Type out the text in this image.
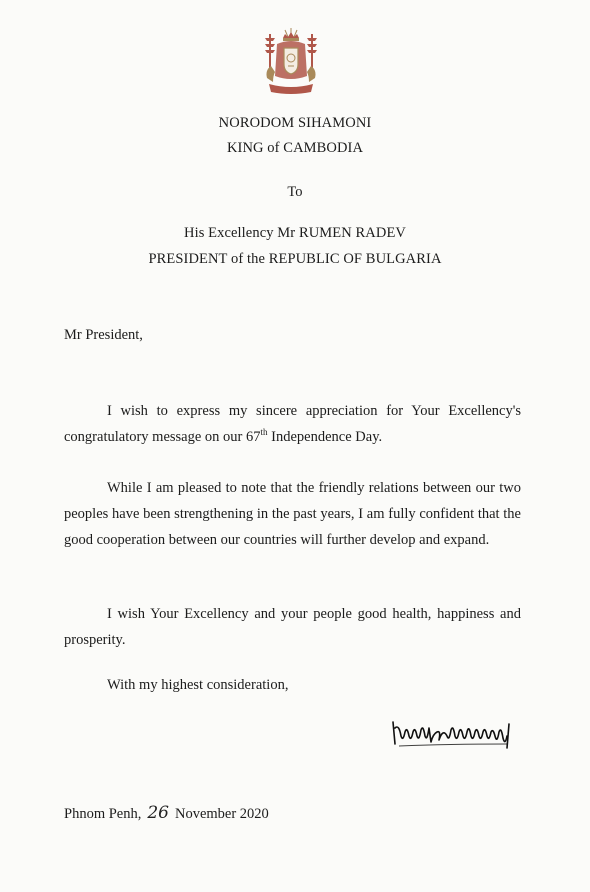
NORODOM SIHAMONI
KING of CAMBODIA
To
His Excellency Mr RUMEN RADEV
PRESIDENT of the REPUBLIC OF BULGARIA
Mr President,
I wish to express my sincere appreciation for Your Excellency's congratulatory message on our 67th Independence Day.
While I am pleased to note that the friendly relations between our two peoples have been strengthening in the past years, I am fully confident that the good cooperation between our countries will further develop and expand.
I wish Your Excellency and your people good health, happiness and prosperity.
With my highest consideration,
Phnom Penh, 26 November 2020
